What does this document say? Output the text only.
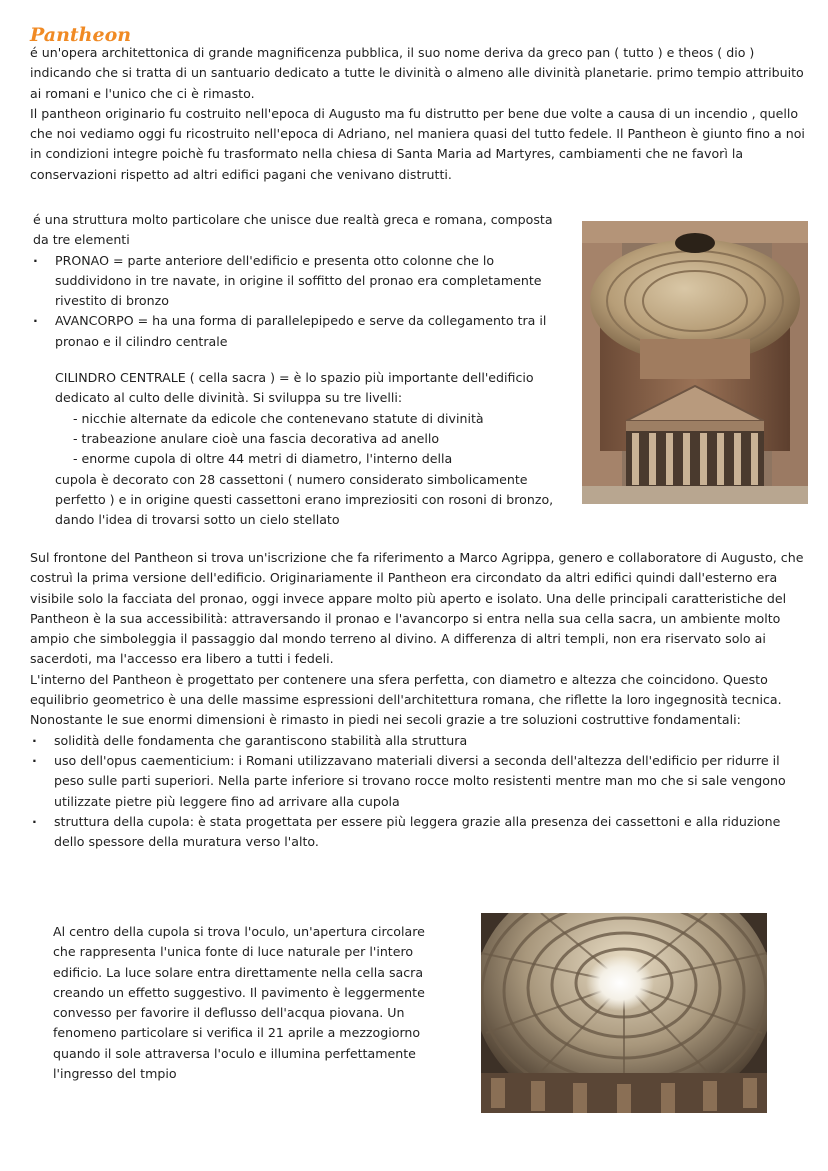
Pantheon

é un'opera architettonica di grande magnificenza pubblica, il suo nome deriva da greco pan ( tutto ) e theos ( dio ) indicando che si tratta di un santuario dedicato a tutte le divinità o almeno alle divinità planetarie. primo tempio attribuito ai romani e l'unico che ci è rimasto.

Il pantheon originario fu costruito nell'epoca di Augusto ma fu distrutto per bene due volte a causa di un incendio , quello che noi vediamo oggi fu ricostruito nell'epoca di Adriano, nel maniera quasi del tutto fedele. Il Pantheon è giunto fino a noi in condizioni integre poichè fu trasformato nella chiesa di Santa Maria ad Martyres, cambiamenti che ne favorì la conservazioni rispetto ad altri edifici pagani che venivano distrutti.

é una struttura molto particolare che unisce due realtà greca e romana, composta da tre elementi
· PRONAO = parte anteriore dell'edificio e presenta otto colonne che lo suddividono in tre navate, in origine il soffitto del pronao era completamente rivestito di bronzo
· AVANCORPO = ha una forma di parallelepipedo e serve da collegamento tra il pronao e il cilindro centrale
CILINDRO CENTRALE ( cella sacra ) = è lo spazio più importante dell'edificio dedicato al culto delle divinità. Si sviluppa su tre livelli:
- nicchie alternate da edicole che contenevano statute di divinità
- trabeazione anulare cioè una fascia decorativa ad anello
- enorme cupola di oltre 44 metri di diametro, l'interno della
cupola è decorato con 28 cassettoni ( numero considerato simbolicamente perfetto ) e in origine questi cassettoni erano impreziositi con rosoni di bronzo, dando l'idea di trovarsi sotto un cielo stellato

Sul frontone del Pantheon si trova un'iscrizione che fa riferimento a Marco Agrippa, genero e collaboratore di Augusto, che costruì la prima versione dell'edificio. Originariamente il Pantheon era circondato da altri edifici quindi dall'esterno era visibile solo la facciata del pronao, oggi invece appare molto più aperto e isolato. Una delle principali caratteristiche del Pantheon è la sua accessibilità: attraversando il pronao e l'avancorpo si entra nella sua cella sacra, un ambiente molto ampio che simboleggia il passaggio dal mondo terreno al divino. A differenza di altri templi, non era riservato solo ai sacerdoti, ma l'accesso era libero a tutti i fedeli.

L'interno del Pantheon è progettato per contenere una sfera perfetta, con diametro e altezza che coincidono. Questo equilibrio geometrico è una delle massime espressioni dell'architettura romana, che riflette la loro ingegnosità tecnica.

Nonostante le sue enormi dimensioni è rimasto in piedi nei secoli grazie a tre soluzioni costruttive fondamentali:

· solidità delle fondamenta che garantiscono stabilità alla struttura
· uso dell'opus caementicium: i Romani utilizzavano materiali diversi a seconda dell'altezza dell'edificio per ridurre il peso sulle parti superiori. Nella parte inferiore si trovano rocce molto resistenti mentre man mo che si sale vengono utilizzate pietre più leggere fino ad arrivare alla cupola
· struttura della cupola: è stata progettata per essere più leggera grazie alla presenza dei cassettoni e alla riduzione dello spessore della muratura verso l'alto.

Al centro della cupola si trova l'oculo, un'apertura circolare che rappresenta l'unica fonte di luce naturale per l'intero edificio. La luce solare entra direttamente nella cella sacra creando un effetto suggestivo. Il pavimento è leggermente convesso per favorire il deflusso dell'acqua piovana. Un fenomeno particolare si verifica il 21 aprile a mezzogiorno quando il sole attraversa l'oculo e illumina perfettamente l'ingresso del tmpio
